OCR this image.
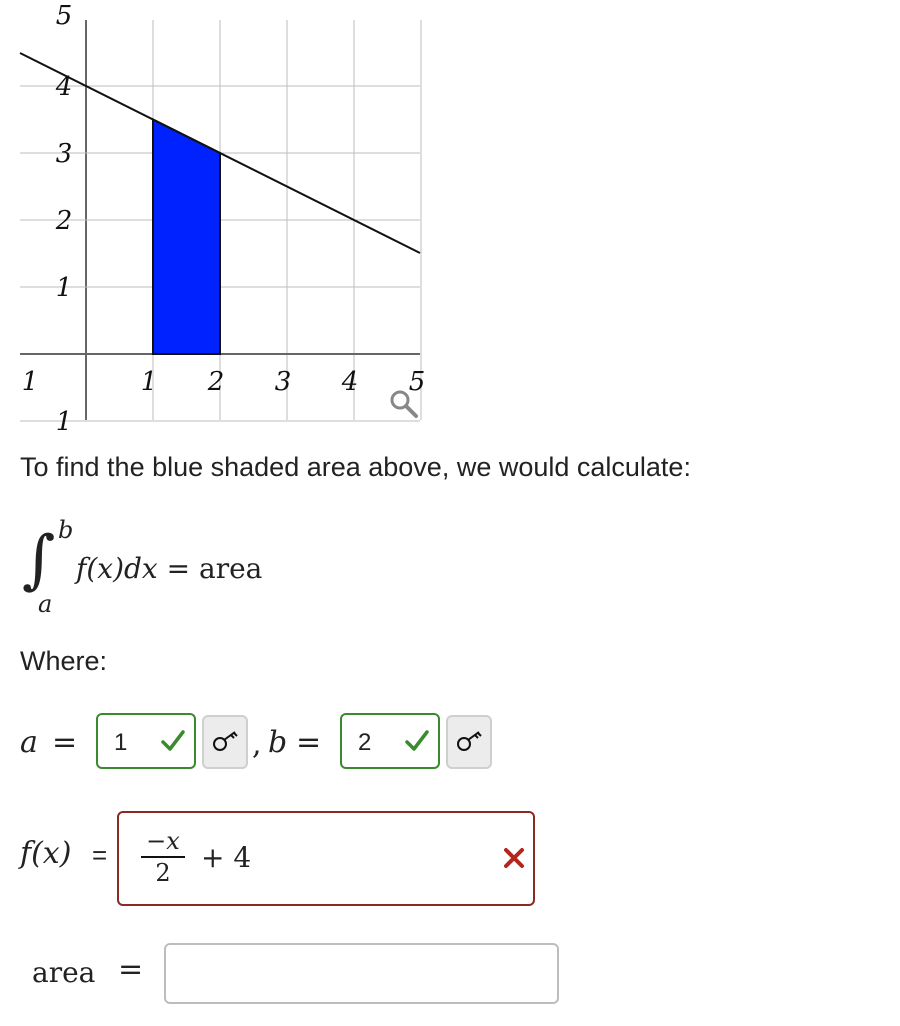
1	1 2 3 4 5
5
4
3
2
1
1
To find the blue shaded area above, we would calculate:
∫ b
a
f(x)dx = area
Where:
a = 1	, b = 2
f(x) = −x
2	+ 4
area =
